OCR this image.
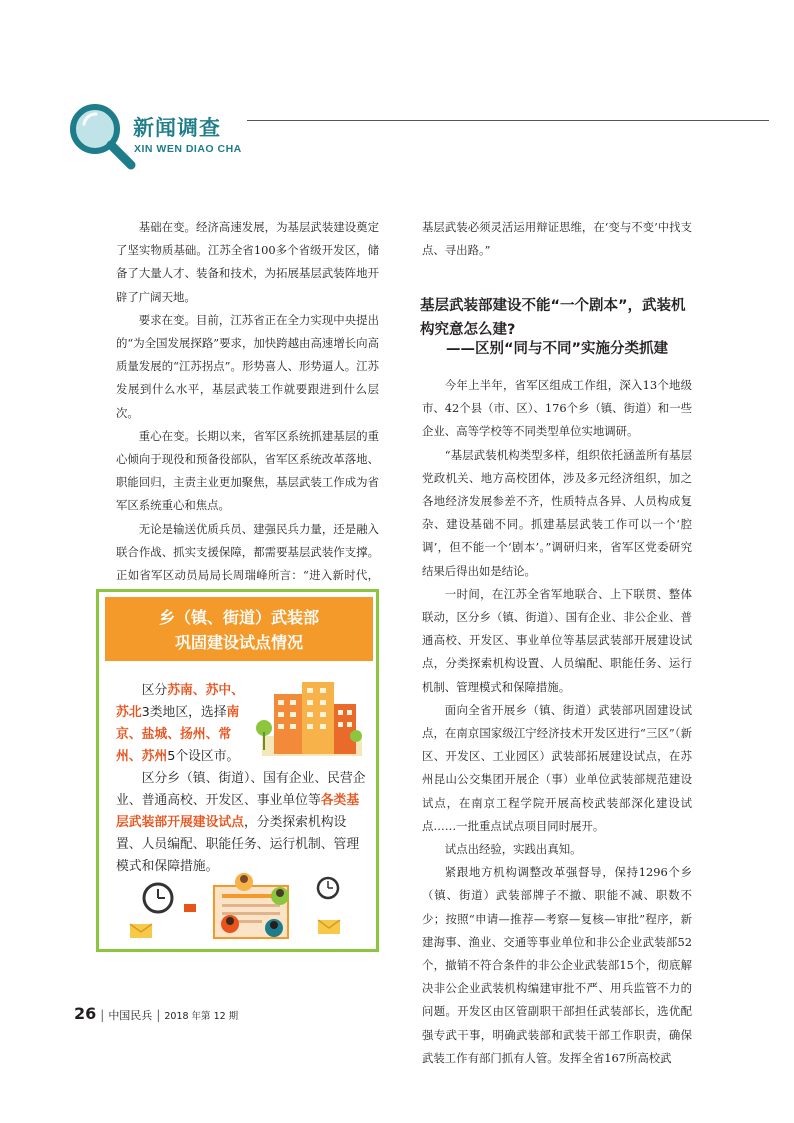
新闻调查
XIN WEN DIAO CHA

基础在变。经济高速发展，为基层武装建设奠定了坚实物质基础。江苏全省100多个省级开发区，储备了大量人才、装备和技术，为拓展基层武装阵地开辟了广阔天地。

要求在变。目前，江苏省正在全力实现中央提出的“为全国发展探路”要求，加快跨越由高速增长向高质量发展的“江苏拐点”。形势喜人、形势逼人。江苏发展到什么水平，基层武装工作就要跟进到什么层次。

重心在变。长期以来，省军区系统抓建基层的重心倾向于现役和预备役部队，省军区系统改革落地、职能回归，主责主业更加聚焦，基层武装工作成为省军区系统重心和焦点。

无论是输送优质兵员、建强民兵力量，还是融入联合作战、抓实支援保障，都需要基层武装作支撑。正如省军区动员局局长周瑞峰所言：“进入新时代，

基层武装必须灵活运用辩证思维，在‘变与不变’中找支点、寻出路。”

基层武装部建设不能“一个剧本”，武装机构究意怎么建?
——区别“同与不同”实施分类抓建

今年上半年，省军区组成工作组，深入13个地级市、42个县（市、区）、176个乡（镇、街道）和一些企业、高等学校等不同类型单位实地调研。

“基层武装机构类型多样，组织依托涵盖所有基层党政机关、地方高校团体，涉及多元经济组织，加之各地经济发展参差不齐，性质特点各异、人员构成复杂、建设基础不同。抓建基层武装工作可以一个‘腔调’，但不能一个‘剧本’。”调研归来，省军区党委研究结果后得出如是结论。

一时间，在江苏全省军地联合、上下联贯、整体联动，区分乡（镇、街道）、国有企业、非公企业、普通高校、开发区、事业单位等基层武装部开展建设试点，分类探索机构设置、人员编配、职能任务、运行机制、管理模式和保障措施。

面向全省开展乡（镇、街道）武装部巩固建设试点，在南京国家级江宁经济技术开发区进行“三区”（新区、开发区、工业园区）武装部拓展建设试点，在苏州昆山公交集团开展企（事）业单位武装部规范建设试点，在南京工程学院开展高校武装部深化建设试点……一批重点试点项目同时展开。

试点出经验，实践出真知。

紧跟地方机构调整改革强督导，保持1296个乡（镇、街道）武装部牌子不撤、职能不减、职数不少；按照“申请—推荐—考察—复核—审批”程序，新建海事、渔业、交通等事业单位和非公企业武装部52个，撤销不符合条件的非公企业武装部15个，彻底解决非公企业武装机构编建审批不严、用兵监管不力的问题。开发区由区管副职干部担任武装部长，选优配强专武干事，明确武装部和武装干部工作职责，确保武装工作有部门抓有人管。发挥全省167所高校武

乡（镇、街道）武装部
巩固建设试点情况

区分苏南、苏中、苏北3类地区，选择南京、盐城、扬州、常州、苏州5个设区市。

区分乡（镇、街道）、国有企业、民营企业、普通高校、开发区、事业单位等各类基层武装部开展建设试点，分类探索机构设置、人员编配、职能任务、运行机制、管理模式和保障措施。

26 | 中国民兵 | 2018 年第 12 期
